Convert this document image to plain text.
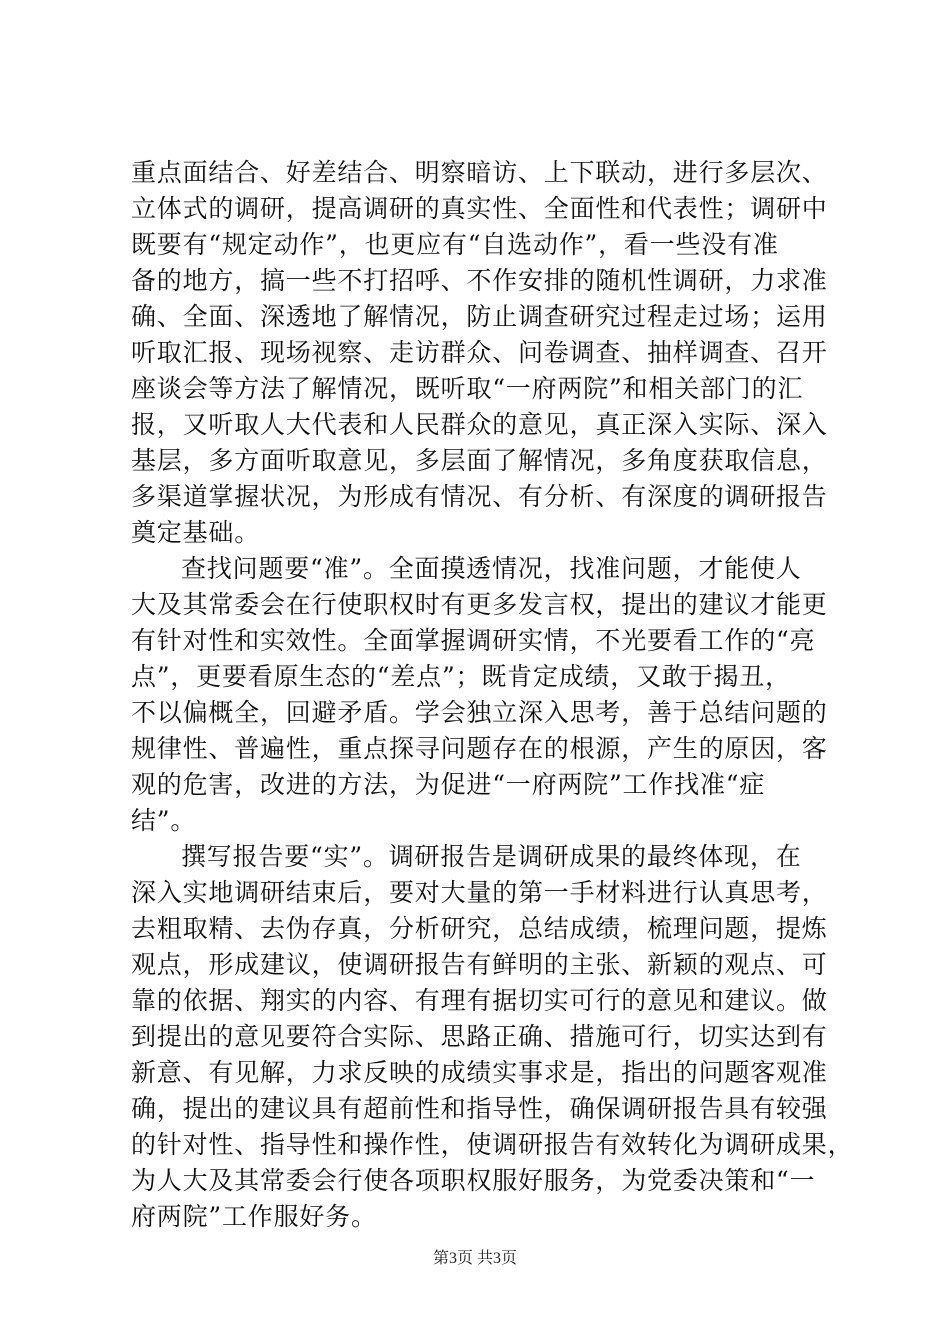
重点面结合、好差结合、明察暗访、上下联动，进行多层次、
立体式的调研，提高调研的真实性、全面性和代表性；调研中
既要有“规定动作”，也更应有“自选动作”，看一些没有准
备的地方，搞一些不打招呼、不作安排的随机性调研，力求准
确、全面、深透地了解情况，防止调查研究过程走过场；运用
听取汇报、现场视察、走访群众、问卷调查、抽样调查、召开
座谈会等方法了解情况，既听取“一府两院”和相关部门的汇
报，又听取人大代表和人民群众的意见，真正深入实际、深入
基层，多方面听取意见，多层面了解情况，多角度获取信息，
多渠道掌握状况，为形成有情况、有分析、有深度的调研报告
奠定基础。
查找问题要“准”。全面摸透情况，找准问题，才能使人
大及其常委会在行使职权时有更多发言权，提出的建议才能更
有针对性和实效性。全面掌握调研实情，不光要看工作的“亮
点”，更要看原生态的“差点”；既肯定成绩，又敢于揭丑，
不以偏概全，回避矛盾。学会独立深入思考，善于总结问题的
规律性、普遍性，重点探寻问题存在的根源，产生的原因，客
观的危害，改进的方法，为促进“一府两院”工作找准“症
结”。
撰写报告要“实”。调研报告是调研成果的最终体现，在
深入实地调研结束后，要对大量的第一手材料进行认真思考，
去粗取精、去伪存真，分析研究，总结成绩，梳理问题，提炼
观点，形成建议，使调研报告有鲜明的主张、新颖的观点、可
靠的依据、翔实的内容、有理有据切实可行的意见和建议。做
到提出的意见要符合实际、思路正确、措施可行，切实达到有
新意、有见解，力求反映的成绩实事求是，指出的问题客观准
确，提出的建议具有超前性和指导性，确保调研报告具有较强
的针对性、指导性和操作性，使调研报告有效转化为调研成果，
为人大及其常委会行使各项职权服好服务，为党委决策和“一
府两院”工作服好务。
第3页 共3页
